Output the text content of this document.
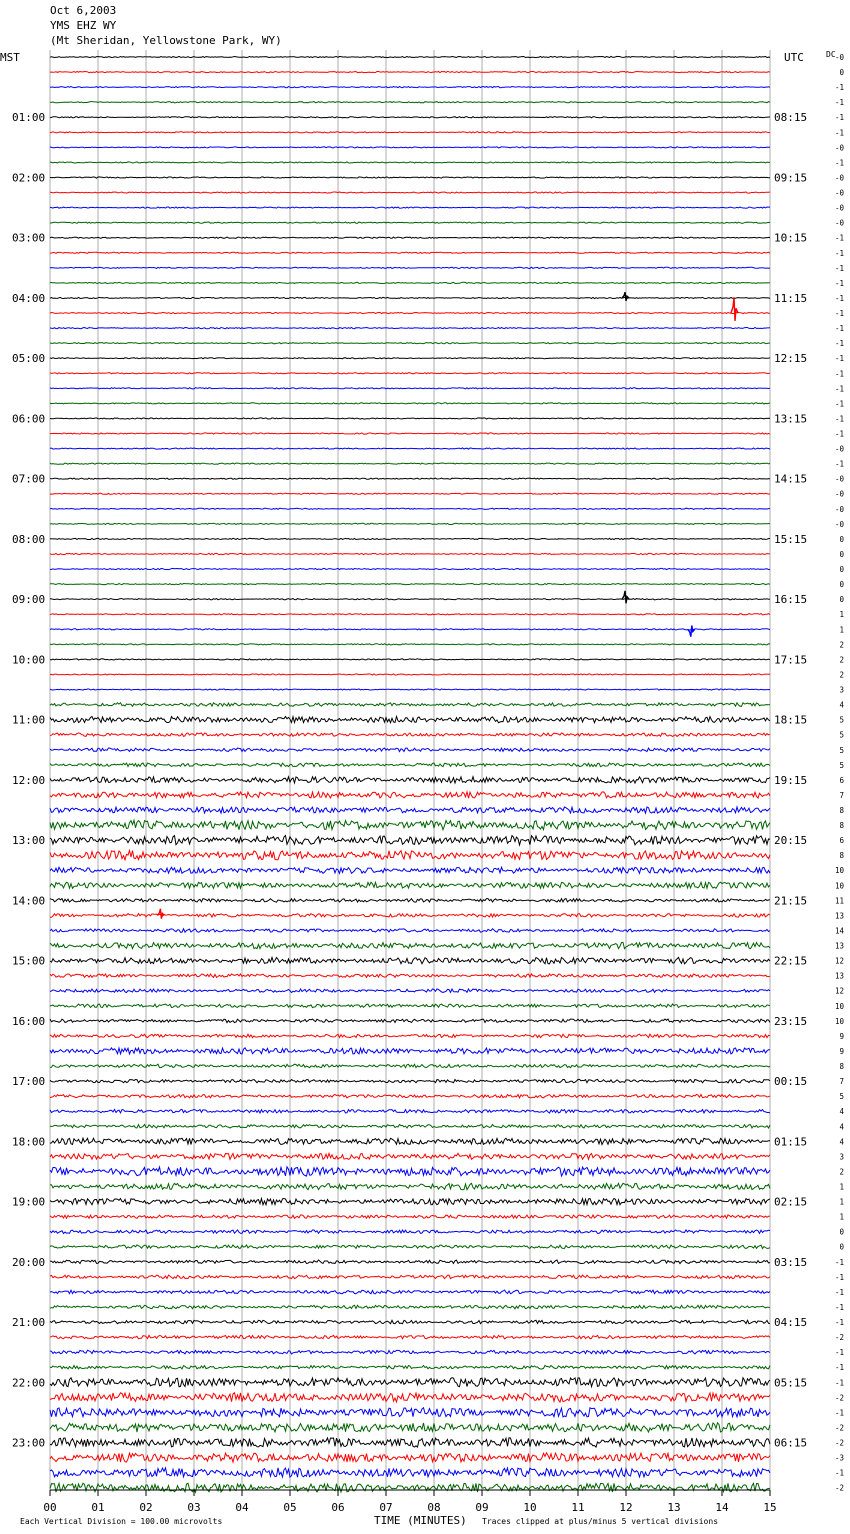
Oct 6,2003
YMS EHZ WY
(Mt Sheridan, Yellowstone Park, WY)
MST	UTC	DC
01:00
02:00
03:00
04:00
05:00
06:00
07:00
08:00
09:00
10:00
11:00
12:00
13:00
14:00
15:00
16:00
17:00
18:00
19:00
20:00
21:00
22:00
23:00
08:15
09:15
10:15
11:15
12:15
13:15
14:15
15:15
16:15
17:15
18:15
19:15
20:15
21:15
22:15
23:15
00:15
01:15
02:15
03:15
04:15
05:15
06:15
-0
0
-1
-1
-1
-1
-0
-1
-0
-0
-0
-0
-1
-1
-1
-1
-1
-1
-1
-1
-1
-1
-1
-1
-1
-1
-0
-1
-0
-0
-0
-0
0
0
0
0
0
1
1
2
2
2
3
4
5
5
5
5
6
7
8
8
6
8
10
10
11
13
14
13
12
13
12
10
10
9
9
8
7
5
4
4
4
3
2
1
1
1
0
0
-1
-1
-1
-1
-1
-2
-1
-1
-1
-2
-1
-2
-2
-3
-1
-2
00	01	02	03	04	05	06	07	08	09	10	11	12	13	14	15
Each Vertical Division = 100.00 microvolts	TIME (MINUTES) Traces clipped at plus/minus 5 vertical divisions
